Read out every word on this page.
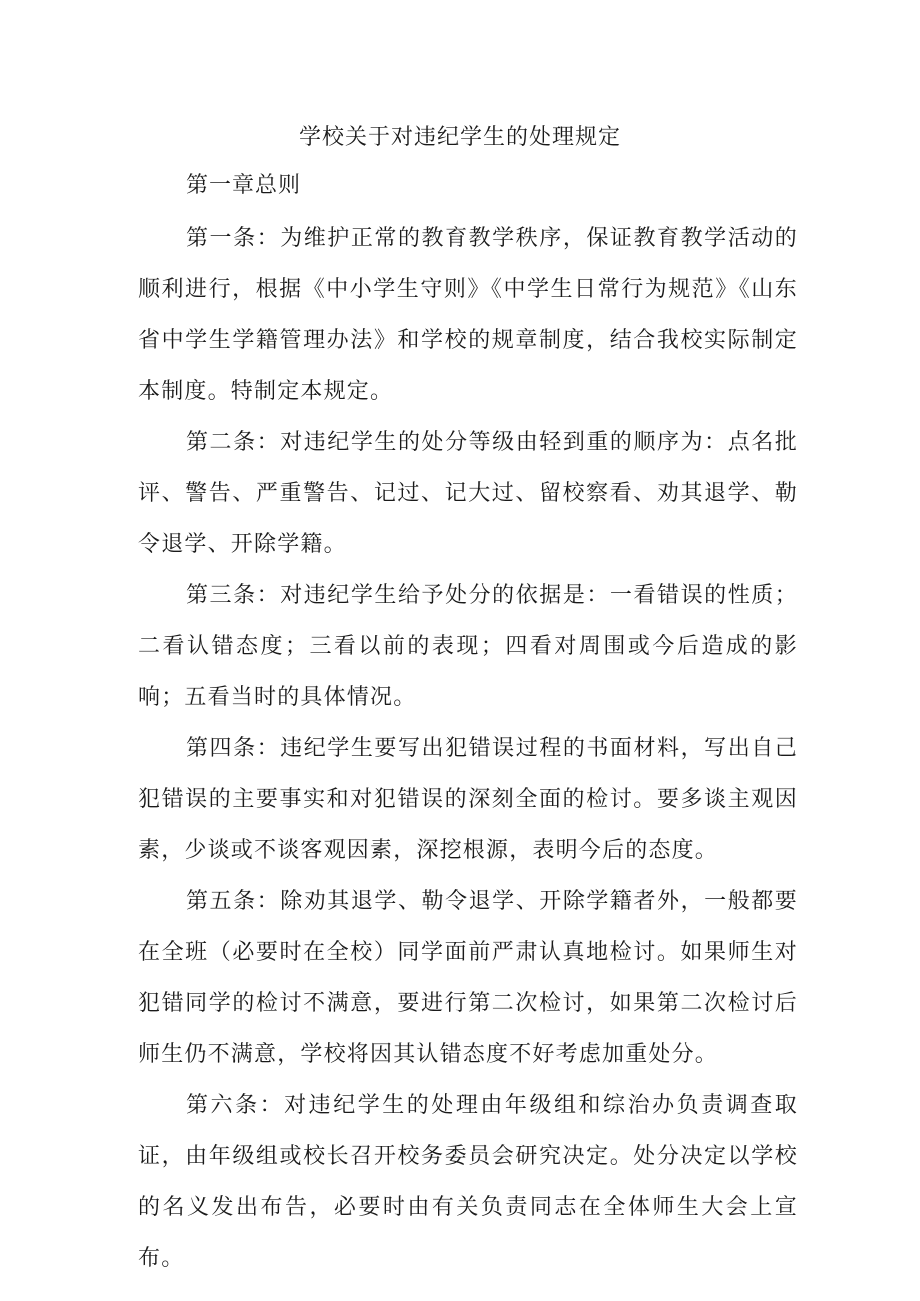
学校关于对违纪学生的处理规定
第一章总则

第一条：为维护正常的教育教学秩序，保证教育教学活动的顺利进行，根据《中小学生守则》《中学生日常行为规范》《山东省中学生学籍管理办法》和学校的规章制度，结合我校实际制定本制度。特制定本规定。

第二条：对违纪学生的处分等级由轻到重的顺序为：点名批评、警告、严重警告、记过、记大过、留校察看、劝其退学、勒令退学、开除学籍。

第三条：对违纪学生给予处分的依据是：一看错误的性质；二看认错态度；三看以前的表现；四看对周围或今后造成的影响；五看当时的具体情况。

第四条：违纪学生要写出犯错误过程的书面材料，写出自己犯错误的主要事实和对犯错误的深刻全面的检讨。要多谈主观因素，少谈或不谈客观因素，深挖根源，表明今后的态度。

第五条：除劝其退学、勒令退学、开除学籍者外，一般都要在全班（必要时在全校）同学面前严肃认真地检讨。如果师生对犯错同学的检讨不满意，要进行第二次检讨，如果第二次检讨后师生仍不满意，学校将因其认错态度不好考虑加重处分。

第六条：对违纪学生的处理由年级组和综治办负责调查取证，由年级组或校长召开校务委员会研究决定。处分决定以学校的名义发出布告，必要时由有关负责同志在全体师生大会上宣布。
